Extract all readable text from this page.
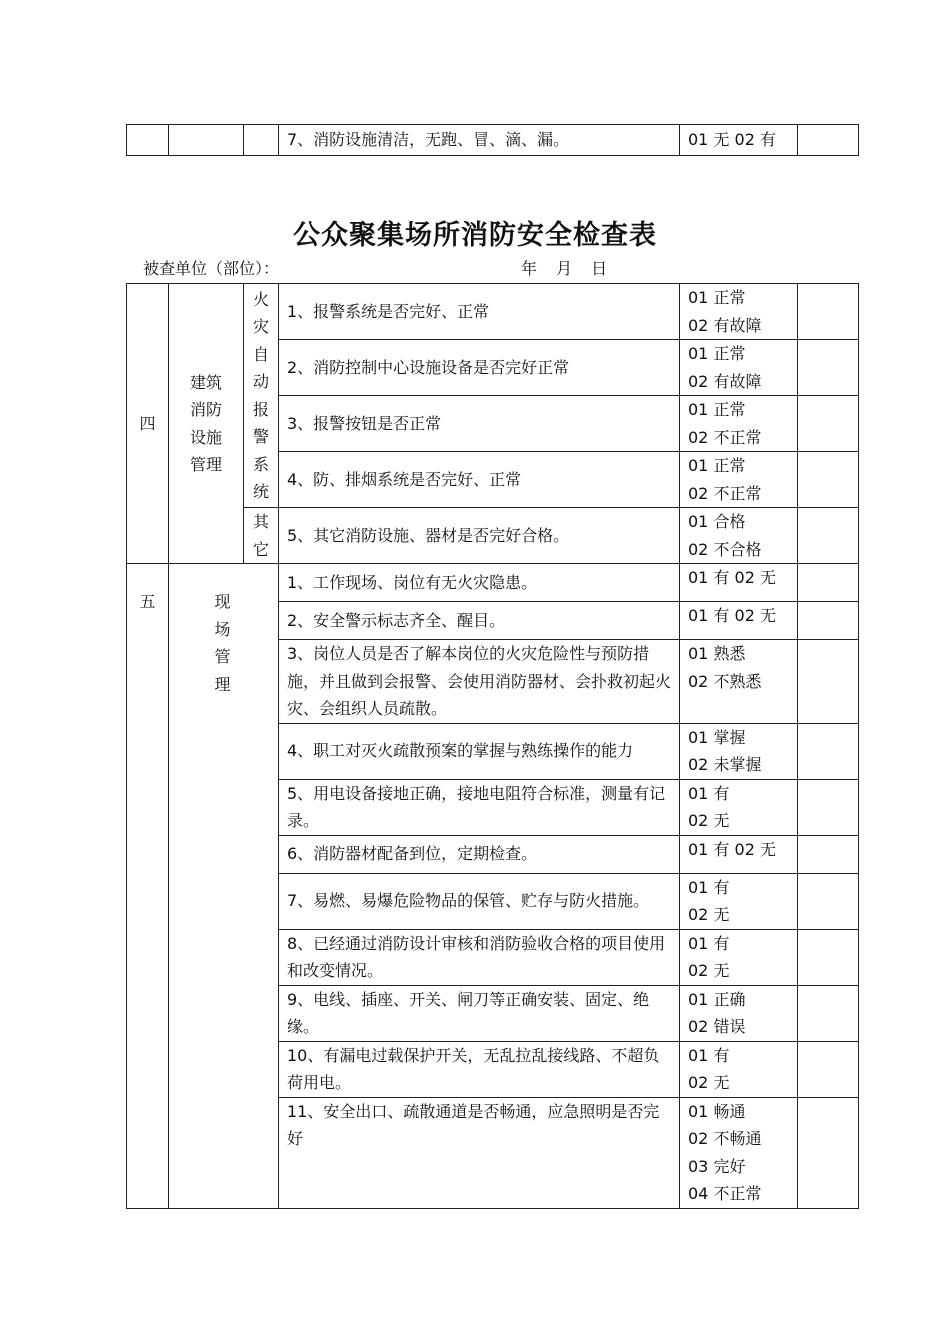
			7、消防设施清洁，无跑、冒、滴、漏。	01 无 02 有	
公众聚集场所消防安全检查表
被查单位（部位）：	年 月 日
四	建筑消防设施管理	火灾自动报警系统	1、报警系统是否完好、正常	01 正常
02 有故障	

			2、消防控制中心设施设备是否完好正常	01 正常
02 有故障	

			3、报警按钮是否正常	01 正常
02 不正常	

			4、防、排烟系统是否完好、正常	01 正常
02 不正常	

		其它	5、其它消防设施、器材是否完好合格。	01 合格
02 不合格	

五	现场管理		1、工作现场、岗位有无火灾隐患。	01 有 02 无	
			2、安全警示标志齐全、醒目。	01 有 02 无	
			3、岗位人员是否了解本岗位的火灾危险性与预防措施，并且做到会报警、会使用消防器材、会扑救初起火灾、会组织人员疏散。	01 熟悉
02 不熟悉	

			4、职工对灭火疏散预案的掌握与熟练操作的能力	01 掌握
02 未掌握	

			5、用电设备接地正确，接地电阻符合标准，测量有记录。	01 有
02 无	

			6、消防器材配备到位，定期检查。	01 有 02 无	
			7、易燃、易爆危险物品的保管、贮存与防火措施。	01 有
02 无	

			8、已经通过消防设计审核和消防验收合格的项目使用和改变情况。	01 有
02 无	

			9、电线、插座、开关、闸刀等正确安装、固定、绝缘。	01 正确
02 错误	

			10、有漏电过载保护开关，无乱拉乱接线路、不超负荷用电。	01 有
02 无	

			11、安全出口、疏散通道是否畅通，应急照明是否完好	01 畅通
02 不畅通
03 完好
04 不正常	
